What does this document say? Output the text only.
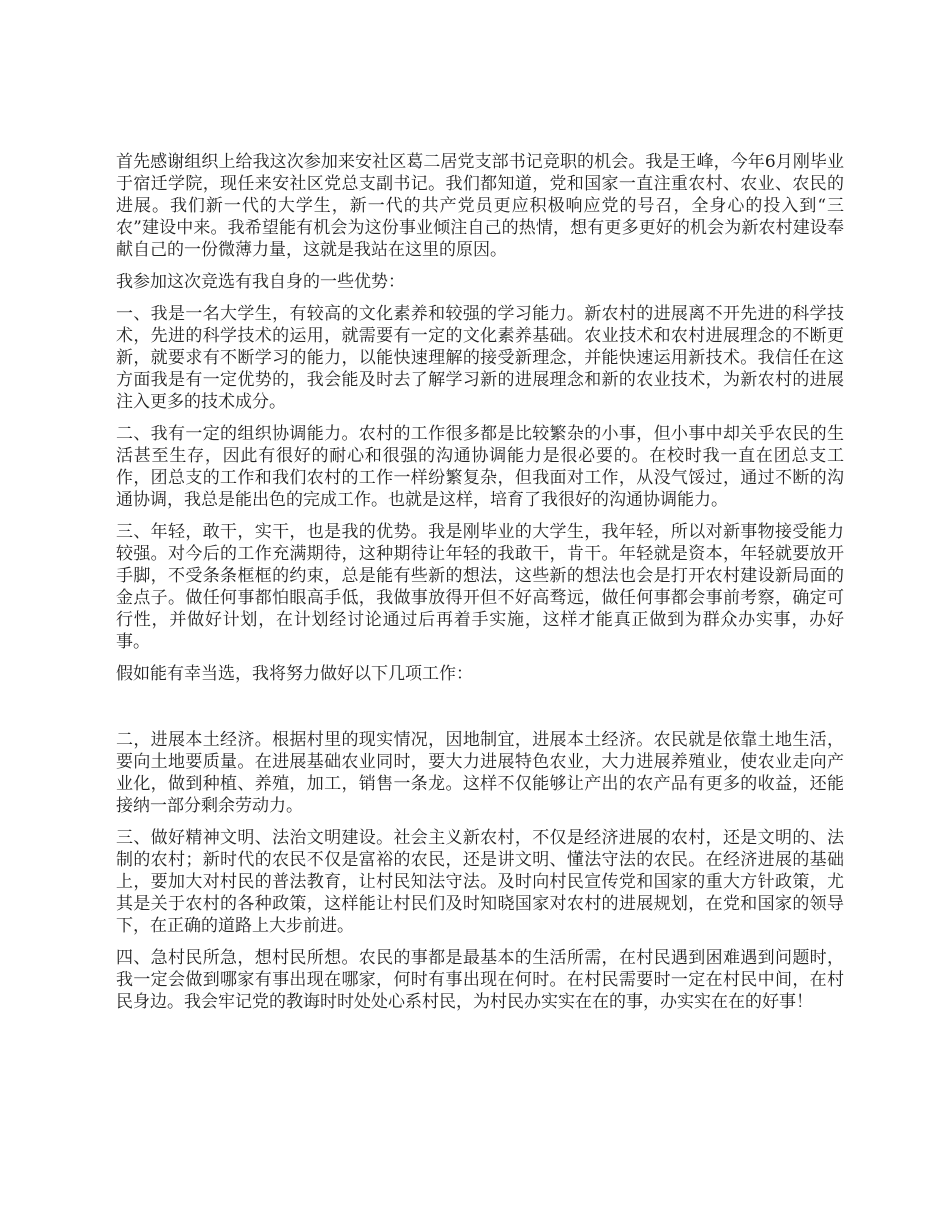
首先感谢组织上给我这次参加来安社区葛二居党支部书记竞职的机会。我是王峰，今年6月刚毕业于宿迁学院，现任来安社区党总支副书记。我们都知道，党和国家一直注重农村、农业、农民的进展。我们新一代的大学生，新一代的共产党员更应积极响应党的号召，全身心的投入到“三农”建设中来。我希望能有机会为这份事业倾注自己的热情，想有更多更好的机会为新农村建设奉献自己的一份微薄力量，这就是我站在这里的原因。

我参加这次竞选有我自身的一些优势：

一、我是一名大学生，有较高的文化素养和较强的学习能力。新农村的进展离不开先进的科学技术，先进的科学技术的运用，就需要有一定的文化素养基础。农业技术和农村进展理念的不断更新，就要求有不断学习的能力，以能快速理解的接受新理念，并能快速运用新技术。我信任在这方面我是有一定优势的，我会能及时去了解学习新的进展理念和新的农业技术，为新农村的进展注入更多的技术成分。

二、我有一定的组织协调能力。农村的工作很多都是比较繁杂的小事，但小事中却关乎农民的生活甚至生存，因此有很好的耐心和很强的沟通协调能力是很必要的。在校时我一直在团总支工作，团总支的工作和我们农村的工作一样纷繁复杂，但我面对工作，从没气馁过，通过不断的沟通协调，我总是能出色的完成工作。也就是这样，培育了我很好的沟通协调能力。

三、年轻，敢干，实干，也是我的优势。我是刚毕业的大学生，我年轻，所以对新事物接受能力较强。对今后的工作充满期待，这种期待让年轻的我敢干，肯干。年轻就是资本，年轻就要放开手脚，不受条条框框的约束，总是能有些新的想法，这些新的想法也会是打开农村建设新局面的金点子。做任何事都怕眼高手低，我做事放得开但不好高骛远，做任何事都会事前考察，确定可行性，并做好计划，在计划经讨论通过后再着手实施，这样才能真正做到为群众办实事，办好事。

假如能有幸当选，我将努力做好以下几项工作：

二，进展本土经济。根据村里的现实情况，因地制宜，进展本土经济。农民就是依靠土地生活，要向土地要质量。在进展基础农业同时，要大力进展特色农业，大力进展养殖业，使农业走向产业化，做到种植、养殖，加工，销售一条龙。这样不仅能够让产出的农产品有更多的收益，还能接纳一部分剩余劳动力。

三、做好精神文明、法治文明建设。社会主义新农村，不仅是经济进展的农村，还是文明的、法制的农村；新时代的农民不仅是富裕的农民，还是讲文明、懂法守法的农民。在经济进展的基础上，要加大对村民的普法教育，让村民知法守法。及时向村民宣传党和国家的重大方针政策，尤其是关于农村的各种政策，这样能让村民们及时知晓国家对农村的进展规划，在党和国家的领导下，在正确的道路上大步前进。

四、急村民所急，想村民所想。农民的事都是最基本的生活所需，在村民遇到困难遇到问题时，我一定会做到哪家有事出现在哪家，何时有事出现在何时。在村民需要时一定在村民中间，在村民身边。我会牢记党的教诲时时处处心系村民，为村民办实实在在的事，办实实在在的好事！
